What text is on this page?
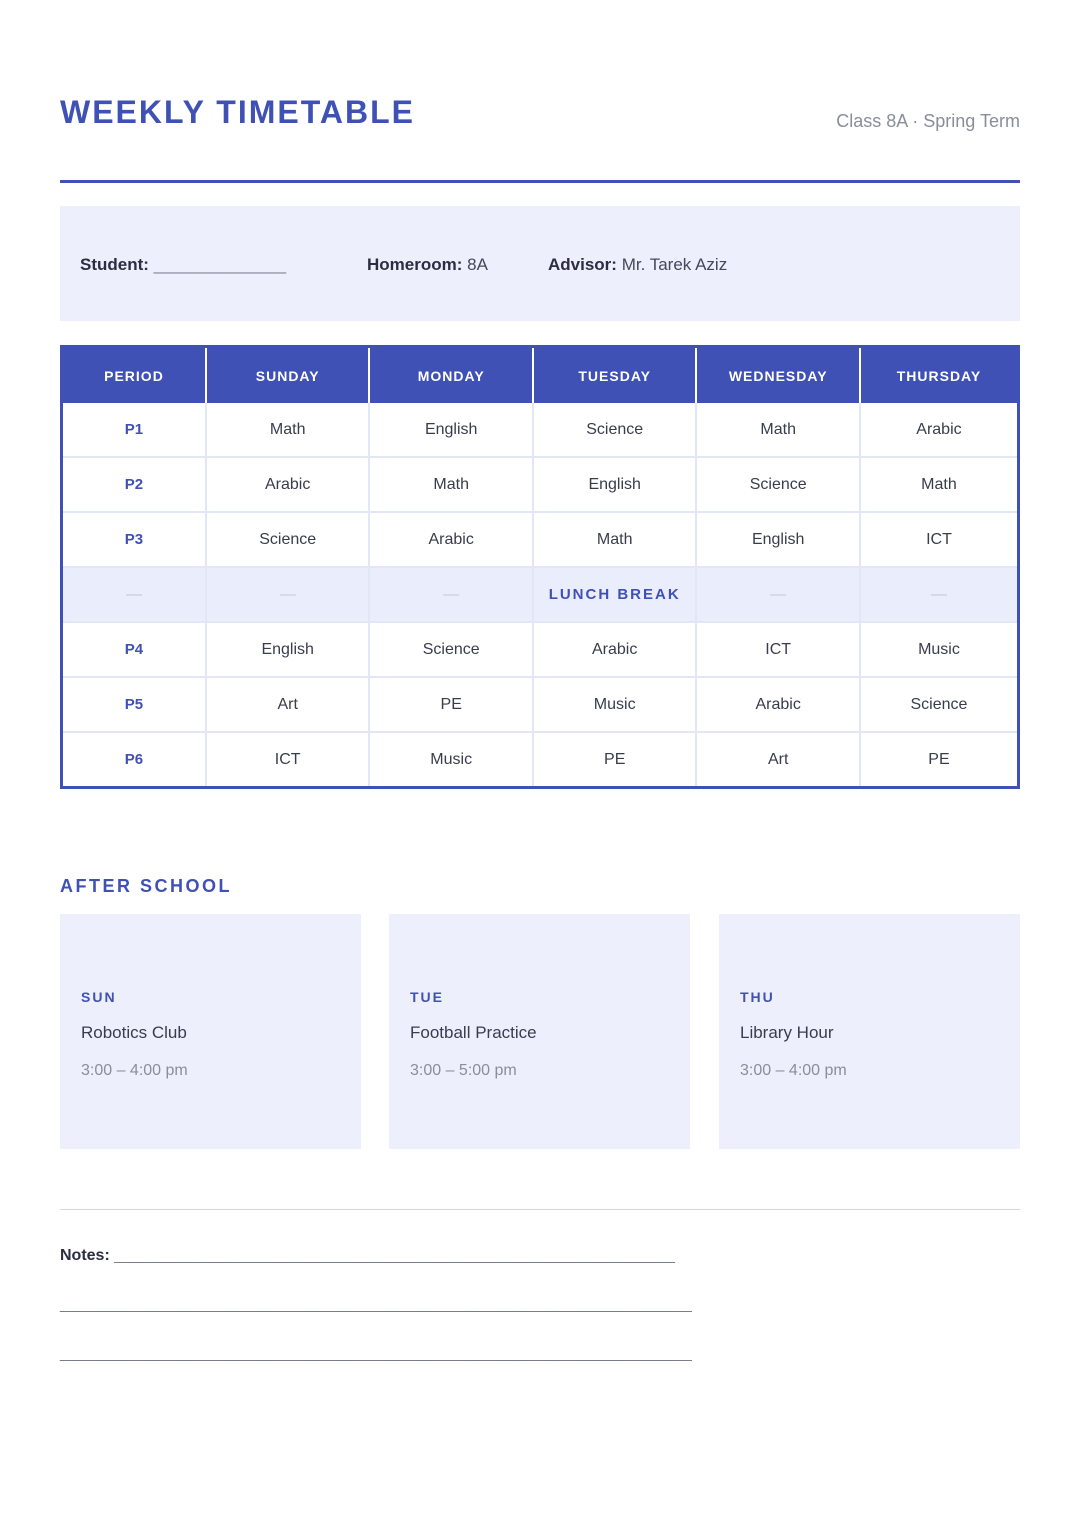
WEEKLY TIMETABLE	Class 8A · Spring Term
Student: ______________	Homeroom: 8A	Advisor: Mr. Tarek Aziz
PERIOD	SUNDAY	MONDAY	TUESDAY	WEDNESDAY	THURSDAY
P1	Math	English	Science	Math	Arabic
P2	Arabic	Math	English	Science	Math
P3	Science	Arabic	Math	English	ICT
—	—	—	LUNCH BREAK	—	—
P4	English	Science	Arabic	ICT	Music
P5	Art	PE	Music	Arabic	Science
P6	ICT	Music	PE	Art	PE
AFTER SCHOOL
SUN
Robotics Club
3:00 – 4:00 pm
TUE
Football Practice
3:00 – 5:00 pm
THU
Library Hour
3:00 – 4:00 pm
Notes: _______________________________________________________________
_______________________________________________________________________
_______________________________________________________________________
